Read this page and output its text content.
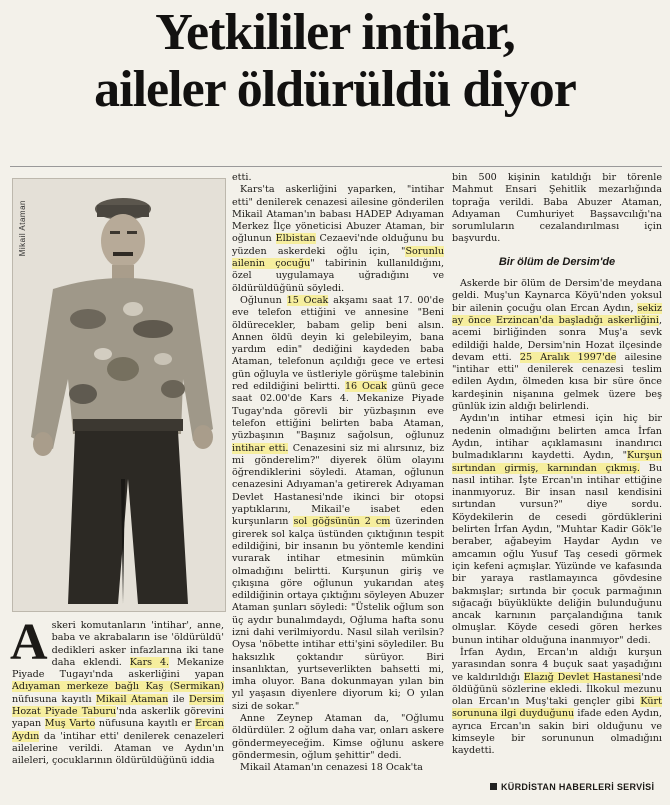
Yetkililer intihar,
aileler öldürüldü diyor
Mikail Ataman

Askeri komutanların 'intihar', anne, baba ve akrabaların ise 'öldürüldü' dedikleri asker infazlarına iki tane daha eklendi. Kars 4. Mekanize Piyade Tugayı'nda askerliğini yapan Adıyaman merkeze bağlı Kaş (Sermikan) nüfusuna kayıtlı Mikail Ataman ile Dersim Hozat Piyade Taburu'nda askerlik görevini yapan Muş Varto nüfusuna kayıtlı er Ercan Aydın da 'intihar etti' denilerek cenazeleri ailelerine verildi. Ataman ve Aydın'ın aileleri, çocuklarının öldürüldüğünü iddia

etti.

Kars'ta askerliğini yaparken, "intihar etti" denilerek cenazesi ailesine gönderilen Mikail Ataman'ın babası HADEP Adıyaman Merkez İlçe yöneticisi Abuzer Ataman, bir oğlunun Elbistan Cezaevi'nde olduğunu bu yüzden askerdeki oğlu için, "Sorunlu ailenin çocuğu" tabirinin kullanıldığını, özel uygulamaya uğradığını ve öldürüldüğünü söyledi.

Oğlunun 15 Ocak akşamı saat 17. 00'de eve telefon ettiğini ve annesine "Beni öldürecekler, babam gelip beni alsın. Annen öldü deyin ki gelebileyim, bana yardım edin" dediğini kaydeden baba Ataman, telefonun açıldığı gece ve ertesi gün oğluyla ve üstleriyle görüşme talebinin red edildiğini belirtti. 16 Ocak günü gece saat 02.00'de Kars 4. Mekanize Piyade Tugay'nda görevli bir yüzbaşının eve telefon ettiğini belirten baba Ataman, yüzbaşının "Başınız sağolsun, oğlunuz intihar etti. Cenazesini siz mi alırsınız, biz mi gönderelim?" diyerek ölüm olayını öğrendiklerini söyledi. Ataman, oğlunun cenazesini Adıyaman'a getirerek Adıyaman Devlet Hastanesi'nde ikinci bir otopsi yaptıklarını, Mikail'e isabet eden kurşunların sol göğsünün 2 cm üzerinden girerek sol kalça üstünden çıktığının tespit edildiğini, bir insanın bu yöntemle kendini vurarak intihar etmesinin mümkün olmadığını belirtti. Kurşunun giriş ve çıkışına göre oğlunun yukarıdan ateş edildiğinin ortaya çıktığını söyleyen Abuzer Ataman şunları söyledi: "Üstelik oğlum son üç aydır bunalımdaydı, Oğluma hafta sonu izni dahi verilmiyordu. Nasıl silah verilsin? Oysa 'nöbette intihar etti'şini söylediler. Bu haksızlık çoktandır sürüyor. Biri insanlıktan, yurtseverlikten bahsetti mi, imha oluyor. Bana dokunmayan yılan bin yıl yaşasın diyenlere diyorum ki; O yılan sizi de sokar."

Anne Zeynep Ataman da, "Oğlumu öldürdüler. 2 oğlum daha var, onları askere göndermeyeceğim. Kimse oğlunu askere göndermesin, oğlum şehittir" dedi.

Mikail Ataman'ın cenazesi 18 Ocak'ta

bin 500 kişinin katıldığı bir törenle Mahmut Ensari Şehitlik mezarlığında toprağa verildi. Baba Abuzer Ataman, Adıyaman Cumhuriyet Başsavcılığı'na sorumluların cezalandırılması için başvurdu.

Bir ölüm de Dersim'de

Askerde bir ölüm de Dersim'de meydana geldi. Muş'un Kaynarca Köyü'nden yoksul bir ailenin çocuğu olan Ercan Aydın, sekiz ay önce Erzincan'da başladığı askerliğini, acemi birliğinden sonra Muş'a sevk edildiği halde, Dersim'nin Hozat ilçesinde devam etti. 25 Aralık 1997'de ailesine "intihar etti" denilerek cenazesi teslim edilen Aydın, ölmeden kısa bir süre önce kardeşinin nişanına gelmek üzere beş günlük izin aldığı belirlendi.

Aydın'ın intihar etmesi için hiç bir nedenin olmadığını belirten amca İrfan Aydın, intihar açıklamasını inandırıcı bulmadıklarını kaydetti. Aydın, "Kurşun sırtından girmiş, karnından çıkmış. Bu nasıl intihar. İşte Ercan'ın intihar ettiğine inanmıyoruz. Bir insan nasıl kendisini sırtından vursun?" diye sordu. Köydekilerin de cesedi gördüklerini belirten İrfan Aydın, "Muhtar Kadir Gök'le beraber, ağabeyim Haydar Aydın ve amcamın oğlu Yusuf Taş cesedi görmek için kefeni açmışlar. Yüzünde ve kafasında bir yaraya rastlamayınca gövdesine bakmışlar; sırtında bir çocuk parmağının sığacağı büyüklükte deliğin bulunduğunu ancak karnının parçalandığına tanık olmuşlar. Köyde cesedi gören herkes bunun intihar olduğuna inanmıyor" dedi.

İrfan Aydın, Ercan'ın aldığı kurşun yarasından sonra 4 buçuk saat yaşadığını ve kaldırıldığı Elazığ Devlet Hastanesi'nde öldüğünü sözlerine ekledi. İlkokul mezunu olan Ercan'ın Muş'taki gençler gibi Kürt sorununa ilgi duyduğunu ifade eden Aydın, ayrıca Ercan'ın sakin biri olduğunu ve kimseyle bir sorununun olmadığını kaydetti.

KÜRDİSTAN HABERLERİ SERVİSİ
